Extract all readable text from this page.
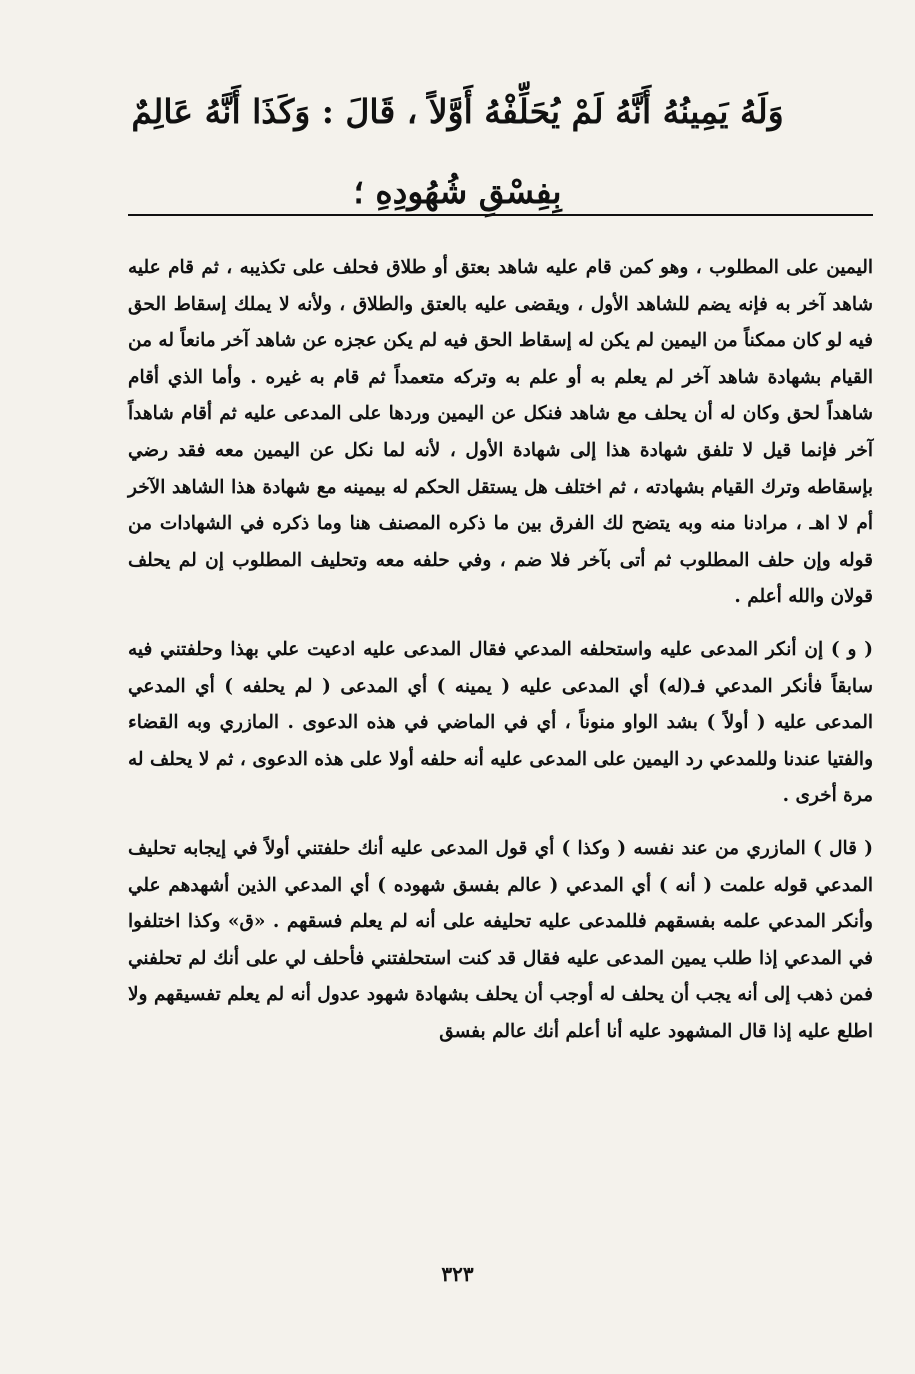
وَلَهُ يَمِينُهُ أَنَّهُ لَمْ يُحَلِّفْهُ أَوَّلاً ، قَالَ : وَكَذَا أَنَّهُ عَالِمٌ
بِفِسْقِ شُهُودِهِ ؛

اليمين على المطلوب ، وهو كمن قام عليه شاهد بعتق أو طلاق فحلف على تكذيبه ، ثم قام عليه شاهد آخر به فإنه يضم للشاهد الأول ، ويقضى عليه بالعتق والطلاق ، ولأنه لا يملك إسقاط الحق فيه لو كان ممكناً من اليمين لم يكن له إسقاط الحق فيه لم يكن عجزه عن شاهد آخر مانعاً له من القيام بشهادة شاهد آخر لم يعلم به أو علم به وتركه متعمداً ثم قام به غيره . وأما الذي أقام شاهداً لحق وكان له أن يحلف مع شاهد فنكل عن اليمين وردها على المدعى عليه ثم أقام شاهداً آخر فإنما قيل لا تلفق شهادة هذا إلى شهادة الأول ، لأنه لما نكل عن اليمين معه فقد رضي بإسقاطه وترك القيام بشهادته ، ثم اختلف هل يستقل الحكم له بيمينه مع شهادة هذا الشاهد الآخر أم لا اهـ ، مرادنا منه وبه يتضح لك الفرق بين ما ذكره المصنف هنا وما ذكره في الشهادات من قوله وإن حلف المطلوب ثم أتى بآخر فلا ضم ، وفي حلفه معه وتحليف المطلوب إن لم يحلف قولان والله أعلم .

( و ) إن أنكر المدعى عليه واستحلفه المدعي فقال المدعى عليه ادعيت علي بهذا وحلفتني فيه سابقاً فأنكر المدعي فـ(له) أي المدعى عليه ( يمينه ) أي المدعى ( لم يحلفه ) أي المدعي المدعى عليه ( أولاً ) بشد الواو منوناً ، أي في الماضي في هذه الدعوى . المازري وبه القضاء والفتيا عندنا وللمدعي رد اليمين على المدعى عليه أنه حلفه أولا على هذه الدعوى ، ثم لا يحلف له مرة أخرى .

( قال ) المازري من عند نفسه ( وكذا ) أي قول المدعى عليه أنك حلفتني أولاً في إيجابه تحليف المدعي قوله علمت ( أنه ) أي المدعي ( عالم بفسق شهوده ) أي المدعي الذين أشهدهم علي وأنكر المدعي علمه بفسقهم فللمدعى عليه تحليفه على أنه لم يعلم فسقهم . «ق» وكذا اختلفوا في المدعي إذا طلب يمين المدعى عليه فقال قد كنت استحلفتني فأحلف لي على أنك لم تحلفني فمن ذهب إلى أنه يجب أن يحلف له أوجب أن يحلف بشهادة شهود عدول أنه لم يعلم تفسيقهم ولا اطلع عليه إذا قال المشهود عليه أنا أعلم أنك عالم بفسق

٣٢٣
